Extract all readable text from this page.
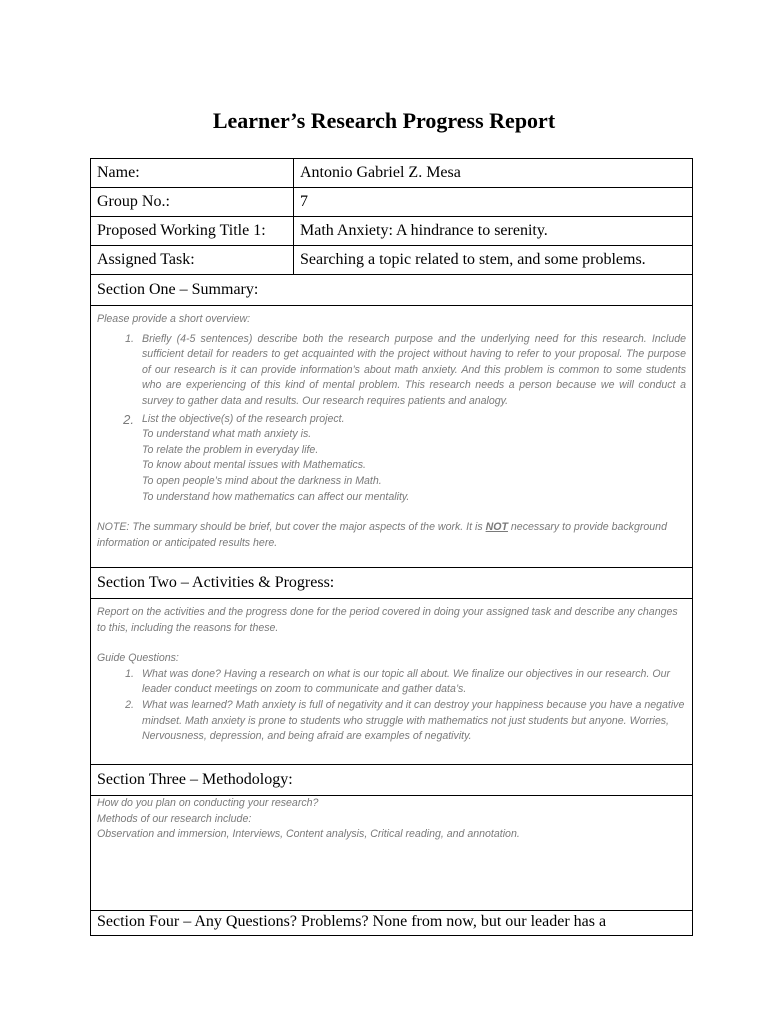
Learner’s Research Progress Report
Name:	Antonio Gabriel Z. Mesa
Group No.:	7
Proposed Working Title 1:	Math Anxiety: A hindrance to serenity.
Assigned Task:	Searching a topic related to stem, and some problems.
Section One – Summary:

Please provide a short overview:

1. Briefly (4-5 sentences) describe both the research purpose and the underlying need for this research. Include sufficient detail for readers to get acquainted with the project without having to refer to your proposal. The purpose of our research is it can provide information’s about math anxiety. And this problem is common to some students who are experiencing of this kind of mental problem. This research needs a person because we will conduct a survey to gather data and results. Our research requires patients and analogy.
2. List the objective(s) of the research project.

To understand what math anxiety is.

To relate the problem in everyday life.

To know about mental issues with Mathematics.

To open people’s mind about the darkness in Math.

To understand how mathematics can affect our mentality.

NOTE: The summary should be brief, but cover the major aspects of the work. It is NOT necessary to provide background information or anticipated results here.

Section Two – Activities & Progress:

Report on the activities and the progress done for the period covered in doing your assigned task and describe any changes to this, including the reasons for these.

Guide Questions:

1. What was done? Having a research on what is our topic all about. We finalize our objectives in our research. Our leader conduct meetings on zoom to communicate and gather data’s.
2. What was learned? Math anxiety is full of negativity and it can destroy your happiness because you have a negative mindset. Math anxiety is prone to students who struggle with mathematics not just students but anyone. Worries, Nervousness, depression, and being afraid are examples of negativity.
Section Three – Methodology:

How do you plan on conducting your research?

Methods of our research include:

Observation and immersion, Interviews, Content analysis, Critical reading, and annotation.

Section Four – Any Questions? Problems? None from now, but our leader has a
